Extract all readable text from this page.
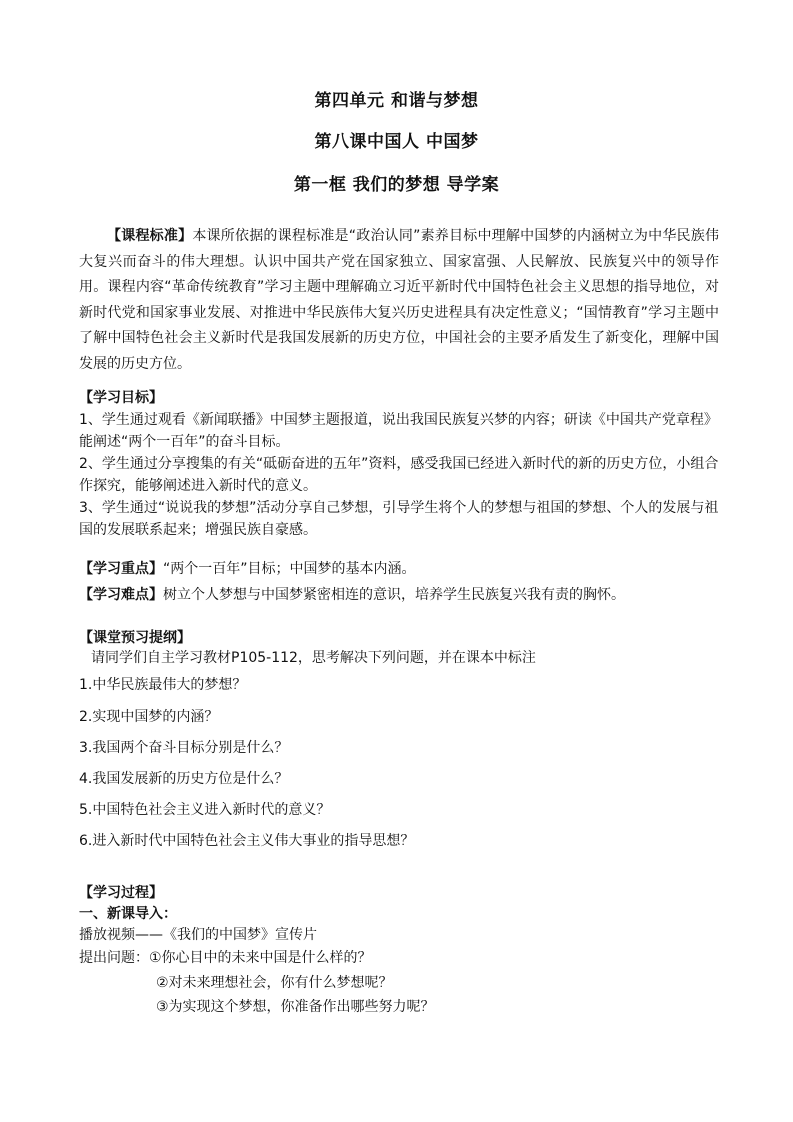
第四单元 和谐与梦想
第八课中国人 中国梦
第一框 我们的梦想 导学案
【课程标准】本课所依据的课程标准是“政治认同”素养目标中理解中国梦的内涵树立为中华民族伟大复兴而奋斗的伟大理想。认识中国共产党在国家独立、国家富强、人民解放、民族复兴中的领导作用。课程内容“革命传统教育”学习主题中理解确立习近平新时代中国特色社会主义思想的指导地位，对新时代党和国家事业发展、对推进中华民族伟大复兴历史进程具有决定性意义；“国情教育”学习主题中了解中国特色社会主义新时代是我国发展新的历史方位，中国社会的主要矛盾发生了新变化，理解中国发展的历史方位。
【学习目标】
1、学生通过观看《新闻联播》中国梦主题报道，说出我国民族复兴梦的内容；研读《中国共产党章程》能阐述“两个一百年”的奋斗目标。
2、学生通过分享搜集的有关“砥砺奋进的五年”资料，感受我国已经进入新时代的新的历史方位，小组合作探究，能够阐述进入新时代的意义。
3、学生通过“说说我的梦想”活动分享自己梦想，引导学生将个人的梦想与祖国的梦想、个人的发展与祖国的发展联系起来；增强民族自豪感。
【学习重点】“两个一百年”目标；中国梦的基本内涵。
【学习难点】树立个人梦想与中国梦紧密相连的意识，培养学生民族复兴我有责的胸怀。
【课堂预习提纲】
请同学们自主学习教材P105-112，思考解决下列问题，并在课本中标注
1.中华民族最伟大的梦想？
2.实现中国梦的内涵？
3.我国两个奋斗目标分别是什么？
4.我国发展新的历史方位是什么？
5.中国特色社会主义进入新时代的意义？
6.进入新时代中国特色社会主义伟大事业的指导思想？
【学习过程】
一、新课导入：
播放视频——《我们的中国梦》宣传片
提出问题：①你心目中的未来中国是什么样的？
②对未来理想社会，你有什么梦想呢？
③为实现这个梦想，你准备作出哪些努力呢？
